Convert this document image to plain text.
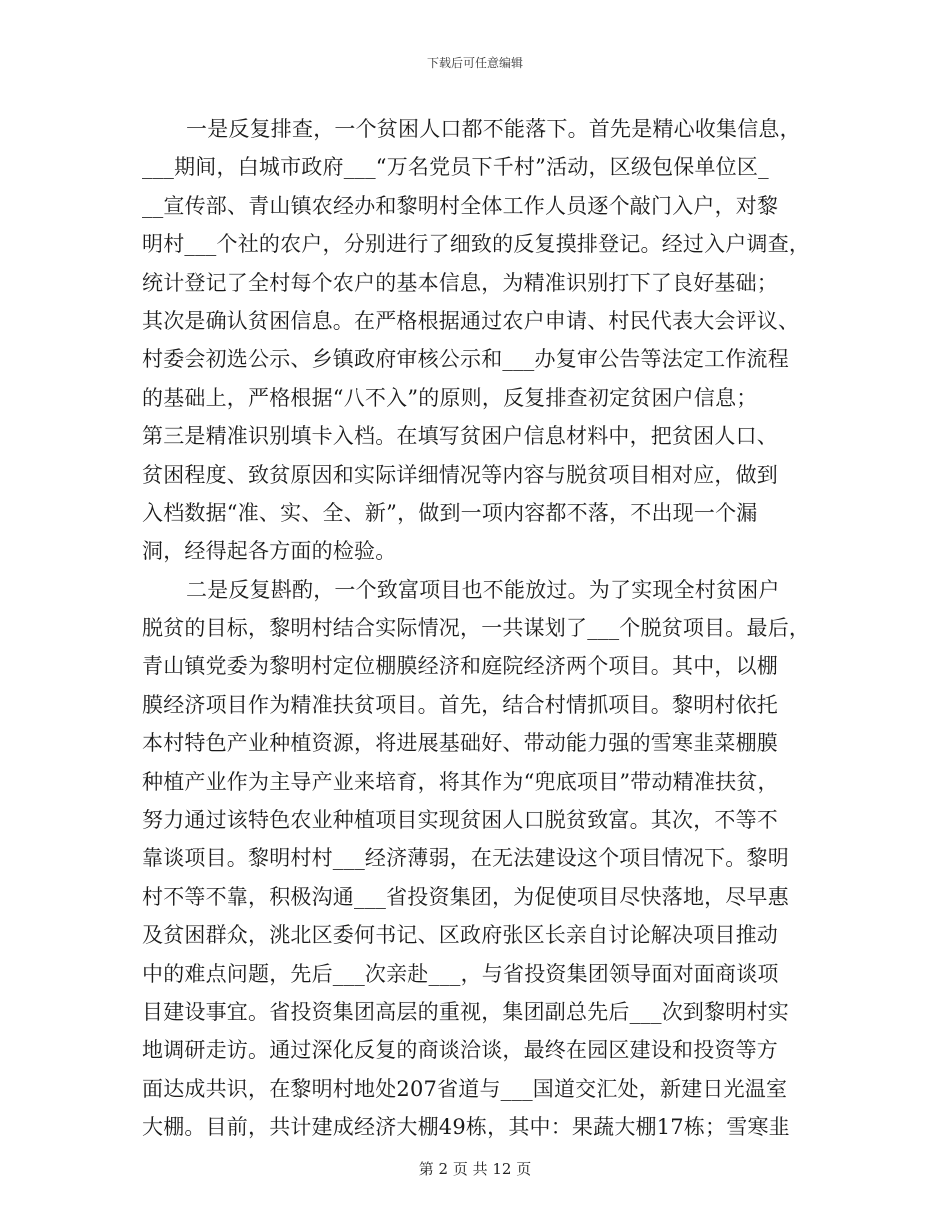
下载后可任意编辑
一是反复排查，一个贫困人口都不能落下。首先是精心收集信息，
___期间，白城市政府___“万名党员下千村”活动，区级包保单位区_
__宣传部、青山镇农经办和黎明村全体工作人员逐个敲门入户，对黎
明村___个社的农户，分别进行了细致的反复摸排登记。经过入户调查，
统计登记了全村每个农户的基本信息，为精准识别打下了良好基础；
其次是确认贫困信息。在严格根据通过农户申请、村民代表大会评议、
村委会初选公示、乡镇政府审核公示和___办复审公告等法定工作流程
的基础上，严格根据“八不入”的原则，反复排查初定贫困户信息；
第三是精准识别填卡入档。在填写贫困户信息材料中，把贫困人口、
贫困程度、致贫原因和实际详细情况等内容与脱贫项目相对应，做到
入档数据“准、实、全、新”，做到一项内容都不落，不出现一个漏
洞，经得起各方面的检验。
二是反复斟酌，一个致富项目也不能放过。为了实现全村贫困户
脱贫的目标，黎明村结合实际情况，一共谋划了___个脱贫项目。最后，
青山镇党委为黎明村定位棚膜经济和庭院经济两个项目。其中，以棚
膜经济项目作为精准扶贫项目。首先，结合村情抓项目。黎明村依托
本村特色产业种植资源，将进展基础好、带动能力强的雪寒韭菜棚膜
种植产业作为主导产业来培育，将其作为“兜底项目”带动精准扶贫，
努力通过该特色农业种植项目实现贫困人口脱贫致富。其次，不等不
靠谈项目。黎明村村___经济薄弱，在无法建设这个项目情况下。黎明
村不等不靠，积极沟通___省投资集团，为促使项目尽快落地，尽早惠
及贫困群众，洮北区委何书记、区政府张区长亲自讨论解决项目推动
中的难点问题，先后___次亲赴___，与省投资集团领导面对面商谈项
目建设事宜。省投资集团高层的重视，集团副总先后___次到黎明村实
地调研走访。通过深化反复的商谈洽谈，最终在园区建设和投资等方
面达成共识，在黎明村地处207省道与___国道交汇处，新建日光温室
大棚。目前，共计建成经济大棚49栋，其中：果蔬大棚17栋；雪寒韭
第 2 页 共 12 页
